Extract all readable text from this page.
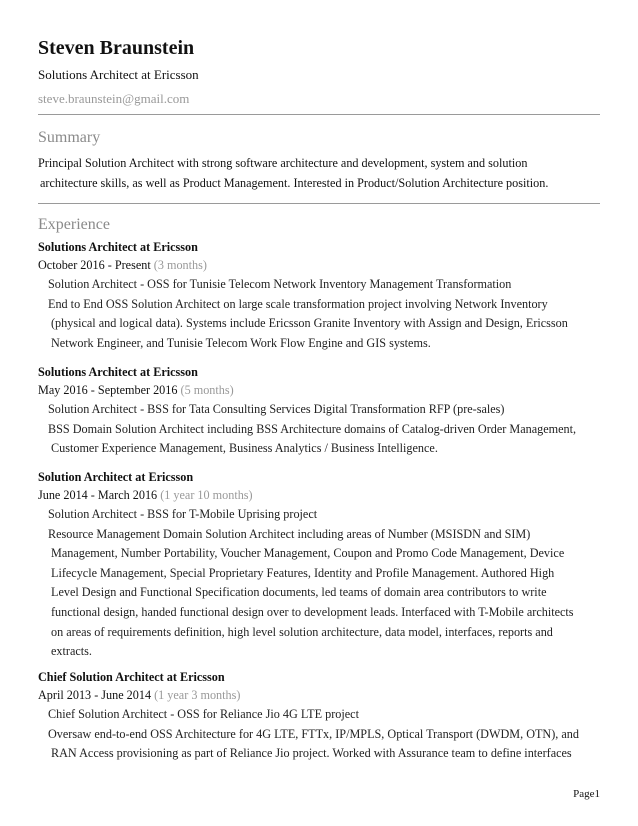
Steven Braunstein
Solutions Architect at Ericsson
steve.braunstein@gmail.com
Summary
Principal Solution Architect with strong software architecture and development, system and solution
architecture skills, as well as Product Management. Interested in Product/Solution Architecture position.
Experience
Solutions Architect at Ericsson
October 2016 - Present (3 months)
Solution Architect - OSS for Tunisie Telecom Network Inventory Management Transformation
End to End OSS Solution Architect on large scale transformation project involving Network Inventory
(physical and logical data). Systems include Ericsson Granite Inventory with Assign and Design, Ericsson
Network Engineer, and Tunisie Telecom Work Flow Engine and GIS systems.
Solutions Architect at Ericsson
May 2016 - September 2016 (5 months)
Solution Architect - BSS for Tata Consulting Services Digital Transformation RFP (pre-sales)
BSS Domain Solution Architect including BSS Architecture domains of Catalog-driven Order Management,
Customer Experience Management, Business Analytics / Business Intelligence.
Solution Architect at Ericsson
June 2014 - March 2016 (1 year 10 months)
Solution Architect - BSS for T-Mobile Uprising project
Resource Management Domain Solution Architect including areas of Number (MSISDN and SIM)
Management, Number Portability, Voucher Management, Coupon and Promo Code Management, Device
Lifecycle Management, Special Proprietary Features, Identity and Profile Management. Authored High
Level Design and Functional Specification documents, led teams of domain area contributors to write
functional design, handed functional design over to development leads. Interfaced with T-Mobile architects
on areas of requirements definition, high level solution architecture, data model, interfaces, reports and
extracts.
Chief Solution Architect at Ericsson
April 2013 - June 2014 (1 year 3 months)
Chief Solution Architect - OSS for Reliance Jio 4G LTE project
Oversaw end-to-end OSS Architecture for 4G LTE, FTTx, IP/MPLS, Optical Transport (DWDM, OTN), and
RAN Access provisioning as part of Reliance Jio project. Worked with Assurance team to define interfaces
Page1
